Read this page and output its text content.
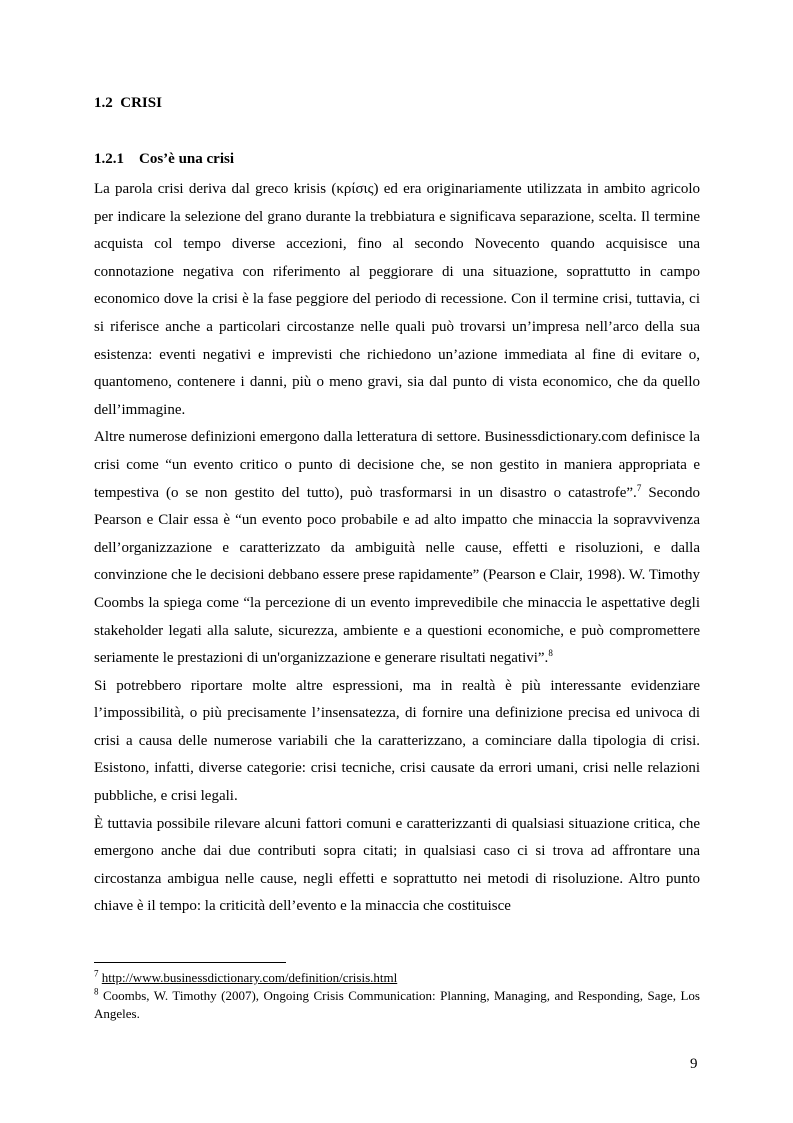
1.2 CRISI
1.2.1 Cos’è una crisi

La parola crisi deriva dal greco krisis (κρίσις) ed era originariamente utilizzata in ambito agricolo per indicare la selezione del grano durante la trebbiatura e significava separazione, scelta. Il termine acquista col tempo diverse accezioni, fino al secondo Novecento quando acquisisce una connotazione negativa con riferimento al peggiorare di una situazione, soprattutto in campo economico dove la crisi è la fase peggiore del periodo di recessione. Con il termine crisi, tuttavia, ci si riferisce anche a particolari circostanze nelle quali può trovarsi un’impresa nell’arco della sua esistenza: eventi negativi e imprevisti che richiedono un’azione immediata al fine di evitare o, quantomeno, contenere i danni, più o meno gravi, sia dal punto di vista economico, che da quello dell’immagine.

Altre numerose definizioni emergono dalla letteratura di settore. Businessdictionary.com definisce la crisi come “un evento critico o punto di decisione che, se non gestito in maniera appropriata e tempestiva (o se non gestito del tutto), può trasformarsi in un disastro o catastrofe”.$^7$ Secondo Pearson e Clair essa è “un evento poco probabile e ad alto impatto che minaccia la sopravvivenza dell’organizzazione e caratterizzato da ambiguità nelle cause, effetti e risoluzioni, e dalla convinzione che le decisioni debbano essere prese rapidamente” (Pearson e Clair, 1998). W. Timothy Coombs la spiega come “la percezione di un evento imprevedibile che minaccia le aspettative degli stakeholder legati alla salute, sicurezza, ambiente e a questioni economiche, e può compromettere seriamente le prestazioni di un'organizzazione e generare risultati negativi”.$^8$

Si potrebbero riportare molte altre espressioni, ma in realtà è più interessante evidenziare l’impossibilità, o più precisamente l’insensatezza, di fornire una definizione precisa ed univoca di crisi a causa delle numerose variabili che la caratterizzano, a cominciare dalla tipologia di crisi. Esistono, infatti, diverse categorie: crisi tecniche, crisi causate da errori umani, crisi nelle relazioni pubbliche, e crisi legali.

È tuttavia possibile rilevare alcuni fattori comuni e caratterizzanti di qualsiasi situazione critica, che emergono anche dai due contributi sopra citati; in qualsiasi caso ci si trova ad affrontare una circostanza ambigua nelle cause, negli effetti e soprattutto nei metodi di risoluzione. Altro punto chiave è il tempo: la criticità dell’evento e la minaccia che costituisce

$^7$ http://www.businessdictionary.com/definition/crisis.html

$^8$ Coombs, W. Timothy (2007), Ongoing Crisis Communication: Planning, Managing, and Responding, Sage, Los Angeles.

9
